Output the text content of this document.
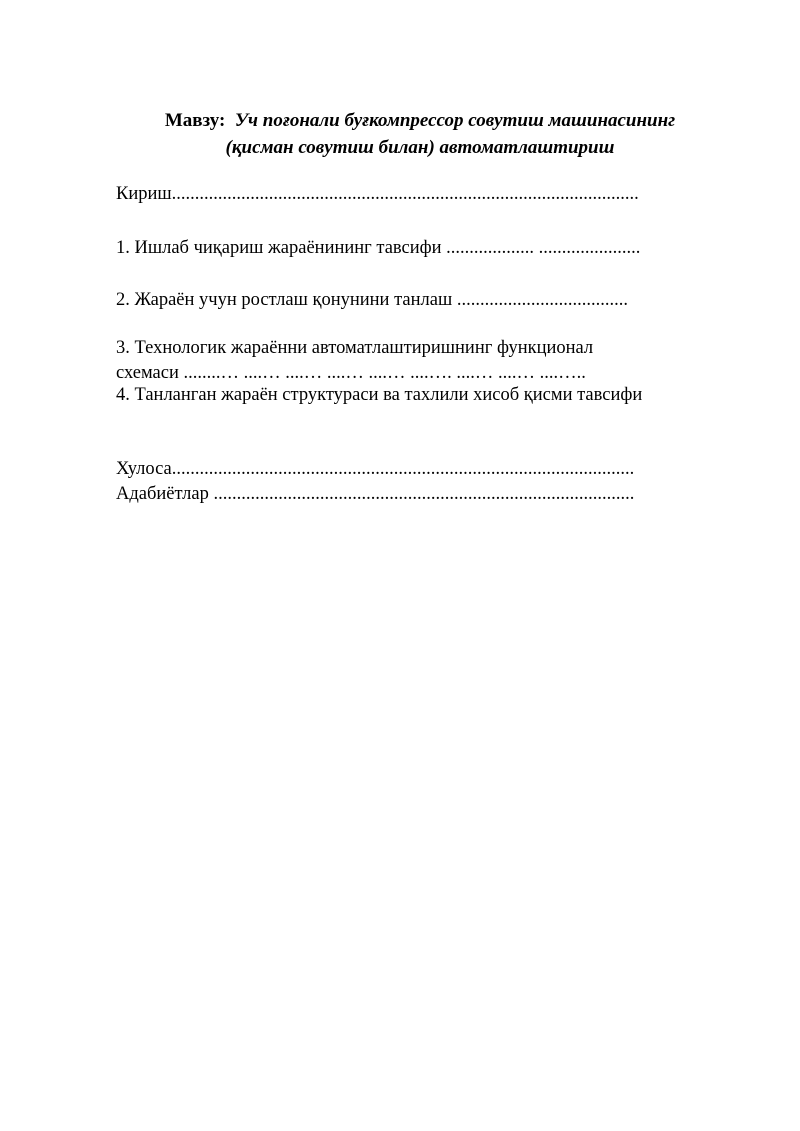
Мавзу: Уч поғонали буғкомпрессор совутиш машинасининг
(қисман совутиш билан) автоматлаштириш
Кириш.....................................................................................................
1. Ишлаб чиқариш жараёнининг тавсифи ................... ......................
2. Жараён учун ростлаш қонунини танлаш .....................................
3. Технологик жараённи автоматлаштиришнинг функционал
схемаси ........… ....… ....… ....… ....… ....…. ....… ....… ....…..
4. Танланган жараён структураси ва тахлили хисоб қисми тавсифи
Хулоса....................................................................................................
Адабиётлар ...........................................................................................
